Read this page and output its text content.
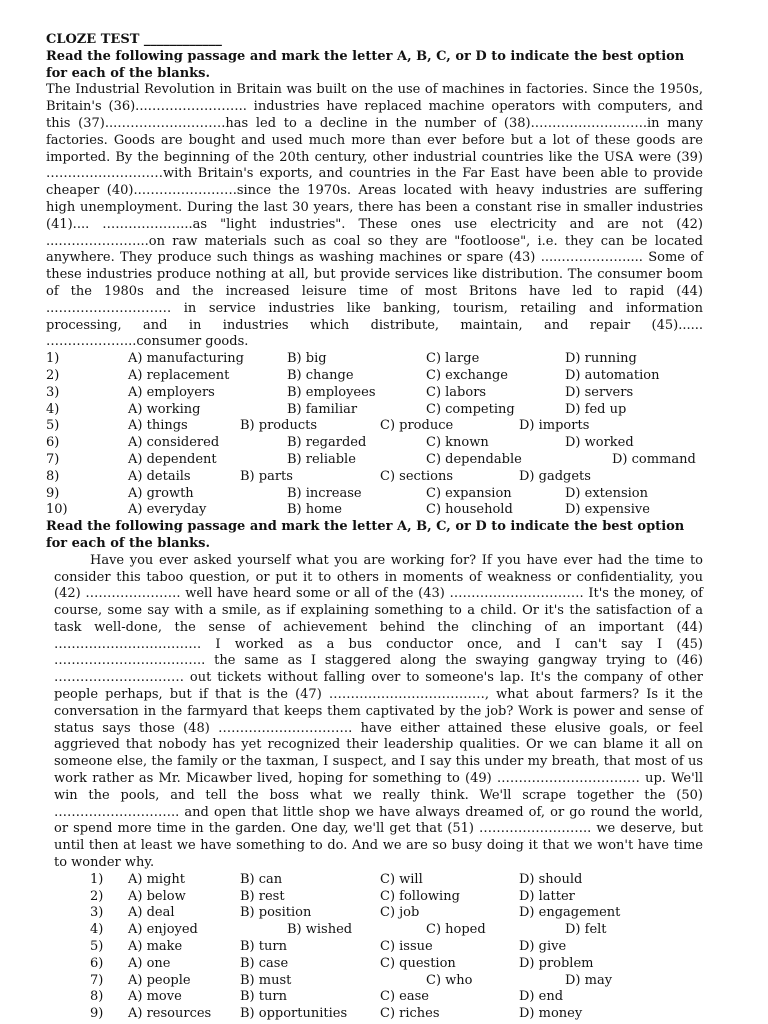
CLOZE TEST ____________
Read the following passage and mark the letter A, B, C, or D to indicate the best option for each of the blanks.
The Industrial Revolution in Britain was built on the use of machines in factories. Since the 1950s, Britain's (36)...………………….. industries have replaced machine operators with computers, and this (37)...…………………….has led to a decline in the number of (38).……………………..in many factories. Goods are bought and used much more than ever before but a lot of these goods are imported. By the beginning of the 20th century, other industrial countries like the USA were (39) ………………………with Britain's exports, and countries in the Far East have been able to provide cheaper (40)..………………….since the 1970s. Areas located with heavy industries are suffering high unemployment. During the last 30 years, there has been a constant rise in smaller industries (41).... ………………...as "light industries". These ones use electricity and are not (42) ...………………...on raw materials such as coal so they are "footloose", i.e. they can be located anywhere. They produce such things as washing machines or spare (43) .....…………….... Some of these industries produce nothing at all, but provide services like distribution. The consumer boom of the 1980s and the increased leisure time of most Britons have led to rapid (44) ..……………………… in service industries like banking, tourism, retailing and information processing, and in industries which distribute, maintain, and repair (45)...... ………………...consumer goods.
1)	A) manufacturing	B) big	C) large	D) running
2)	A) replacement	B) change	C) exchange	D) automation
3)	A) employers	B) employees	C) labors	D) servers
4)	A) working	B) familiar	C) competing	D) fed up
5)	A) things	B) products	C) produce	D) imports
6)	A) considered	B) regarded	C) known	D) worked
7)	A) dependent	B) reliable	C) dependable	D) command
8)	A) details	B) parts	C) sections	D) gadgets
9)	A) growth	B) increase	C) expansion	D) extension
10)	A) everyday	B) home	C) household	D) expensive
Read the following passage and mark the letter A, B, C, or D to indicate the best option for each of the blanks.
Have you ever asked yourself what you are working for? If you have ever had the time to consider this taboo question, or put it to others in moments of weakness or confidentiality, you (42) …………………. well have heard some or all of the (43) …………………………. It's the money, of course, some say with a smile, as if explaining something to a child. Or it's the satisfaction of a task well-done, the sense of achievement behind the clinching of an important (44) ……………………………. I worked as a bus conductor once, and I can't say I (45) …………………………….. the same as I staggered along the swaying gangway trying to (46) ………………………… out tickets without falling over to someone's lap. It's the company of other people perhaps, but if that is the (47) ………………………………, what about farmers? Is it the conversation in the farmyard that keeps them captivated by the job? Work is power and sense of status says those (48) …………………………. have either attained these elusive goals, or feel aggrieved that nobody has yet recognized their leadership qualities. Or we can blame it all on someone else, the family or the taxman, I suspect, and I say this under my breath, that most of us work rather as Mr. Micawber lived, hoping for something to (49) …………………………… up. We'll win the pools, and tell the boss what we really think. We'll scrape together the (50) ……………………….. and open that little shop we have always dreamed of, or go round the world, or spend more time in the garden. One day, we'll get that (51) …………………….. we deserve, but until then at least we have something to do. And we are so busy doing it that we won't have time to wonder why.
1) A) might	B) can	C) will	D) should
2) A) below	B) rest	C) following	D) latter
3) A) deal	B) position	C) job	D) engagement
4) A) enjoyed	B) wished	C) hoped	D) felt
5) A) make	B) turn	C) issue	D) give
6) A) one	B) case	C) question	D) problem
7) A) people	B) must	C) who	D) may
8) A) move	B) turn	C) ease	D) end
9) A) resources B) opportunities	C) riches	D) money
